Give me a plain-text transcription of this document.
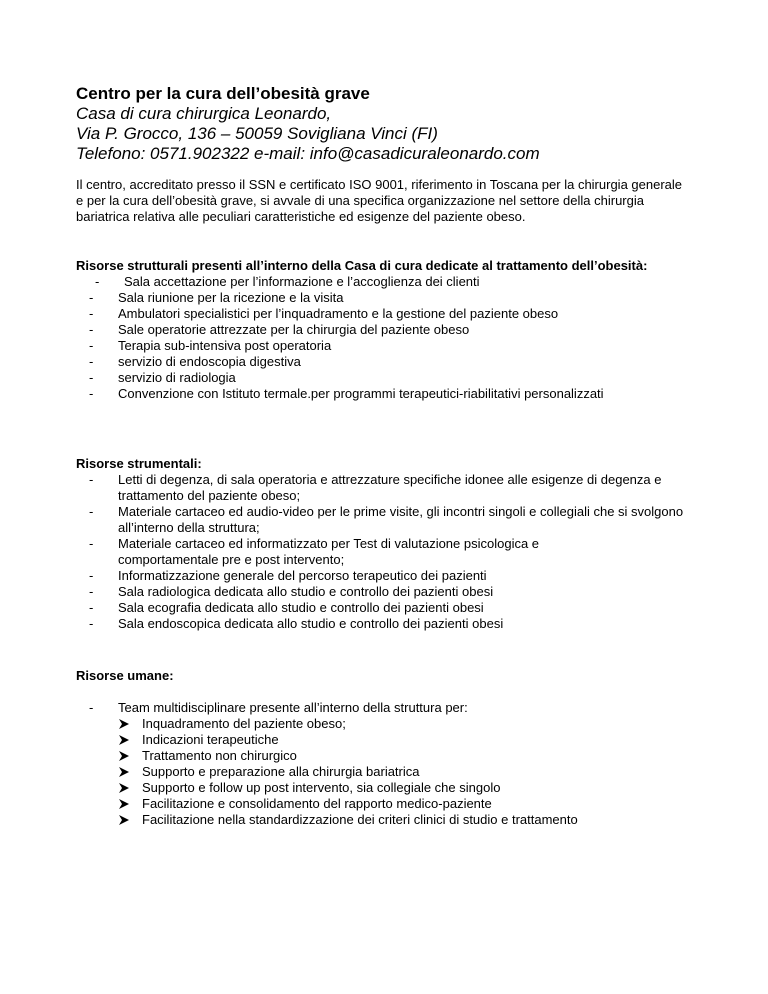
Centro per la cura dell’obesità grave

Casa di cura chirurgica Leonardo,

Via P. Grocco, 136 – 50059 Sovigliana Vinci (FI)

Telefono: 0571.902322 e-mail: info@casadicuraleonardo.com

Il centro, accreditato presso il SSN e certificato ISO 9001, riferimento in Toscana per la chirurgia generale e per la cura dell’obesità grave, si avvale di una specifica organizzazione nel settore della chirurgia bariatrica relativa alle peculiari caratteristiche ed esigenze del paziente obeso.

Risorse strutturali presenti all’interno della Casa di cura dedicate al trattamento dell’obesità:

- Sala accettazione per l’informazione e l’accoglienza dei clienti
- Sala riunione per la ricezione e la visita
- Ambulatori specialistici per l’inquadramento e la gestione del paziente obeso
- Sale operatorie attrezzate per la chirurgia del paziente obeso
- Terapia sub-intensiva post operatoria
- servizio di endoscopia digestiva
- servizio di radiologia
- Convenzione con Istituto termale.per programmi terapeutici-riabilitativi personalizzati

Risorse strumentali:

- Letti di degenza, di sala operatoria e attrezzature specifiche idonee alle esigenze di degenza e trattamento del paziente obeso;
- Materiale cartaceo ed audio-video per le prime visite, gli incontri singoli e collegiali che si svolgono all’interno della struttura;
- Materiale cartaceo ed informatizzato per Test di valutazione psicologica e comportamentale pre e post intervento;
- Informatizzazione generale del percorso terapeutico dei pazienti
- Sala radiologica dedicata allo studio e controllo dei pazienti obesi
- Sala ecografia dedicata allo studio e controllo dei pazienti obesi
- Sala endoscopica dedicata allo studio e controllo dei pazienti obesi

Risorse umane:

- Team multidisciplinare presente all’interno della struttura per:
Inquadramento del paziente obeso;
Indicazioni terapeutiche
Trattamento non chirurgico
Supporto e preparazione alla chirurgia bariatrica
Supporto e follow up post intervento, sia collegiale che singolo
Facilitazione e consolidamento del rapporto medico-paziente
Facilitazione nella standardizzazione dei criteri clinici di studio e trattamento
